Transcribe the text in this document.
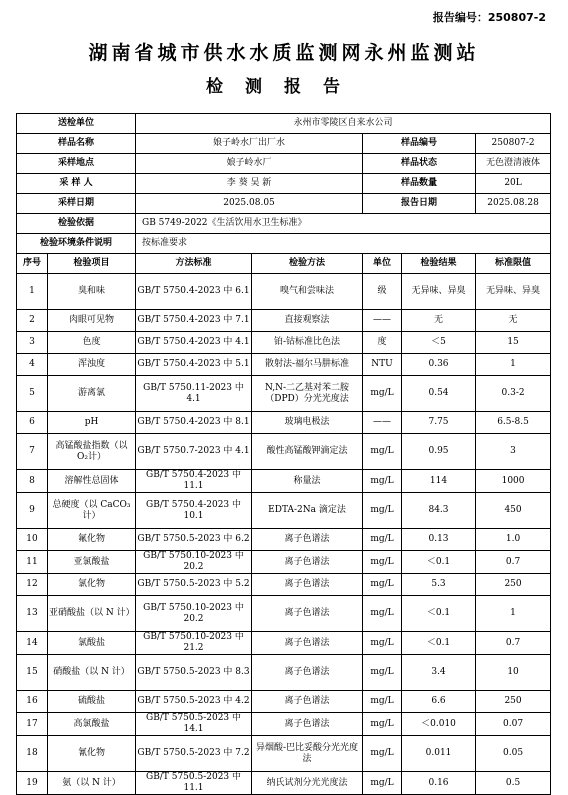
报告编号：250807-2
湖南省城市供水水质监测网永州监测站
检测报告
送检单位		永州市零陵区自来水公司				
样品名称		娘子岭水厂出厂水		样品编号		250807-2
采样地点		娘子岭水厂		样品状态		无色澄清液体
采 样 人		李 葵 吴 新		样品数量		20L
采样日期		2025.08.05		报告日期		2025.08.28
检验依据		GB 5749-2022《生活饮用水卫生标准》				
检验环境条件说明		按标准要求				
序号	检验项目	方法标准	检验方法	单位	检验结果	标准限值
1	臭和味	GB/T 5750.4-2023 中 6.1	嗅气和尝味法	级	无异味、异臭	无异味、异臭
2	肉眼可见物	GB/T 5750.4-2023 中 7.1	直接观察法	——	无	无
3	色度	GB/T 5750.4-2023 中 4.1	铂-钴标准比色法	度	＜5	15
4	浑浊度	GB/T 5750.4-2023 中 5.1	散射法-福尔马肼标准	NTU	0.36	1
5	游离氯	GB/T 5750.11-2023 中 4.1	N,N-二乙基对苯二胺（DPD）分光光度法	mg/L	0.54	0.3-2
6	pH	GB/T 5750.4-2023 中 8.1	玻璃电极法	——	7.75	6.5-8.5
7	高锰酸盐指数（以 O₂计）	GB/T 5750.7-2023 中 4.1	酸性高锰酸钾滴定法	mg/L	0.95	3
8	溶解性总固体	GB/T 5750.4-2023 中 11.1	称量法	mg/L	114	1000
9	总硬度（以 CaCO₃计）	GB/T 5750.4-2023 中 10.1	EDTA-2Na 滴定法	mg/L	84.3	450
10	氟化物	GB/T 5750.5-2023 中 6.2	离子色谱法	mg/L	0.13	1.0
11	亚氯酸盐	GB/T 5750.10-2023 中 20.2	离子色谱法	mg/L	＜0.1	0.7
12	氯化物	GB/T 5750.5-2023 中 5.2	离子色谱法	mg/L	5.3	250
13	亚硝酸盐（以 N 计）	GB/T 5750.10-2023 中 20.2	离子色谱法	mg/L	＜0.1	1
14	氯酸盐	GB/T 5750.10-2023 中 21.2	离子色谱法	mg/L	＜0.1	0.7
15	硝酸盐（以 N 计）	GB/T 5750.5-2023 中 8.3	离子色谱法	mg/L	3.4	10
16	硫酸盐	GB/T 5750.5-2023 中 4.2	离子色谱法	mg/L	6.6	250
17	高氯酸盐	GB/T 5750.5-2023 中 14.1	离子色谱法	mg/L	＜0.010	0.07
18	氰化物	GB/T 5750.5-2023 中 7.2	异烟酸-巴比妥酸分光光度法	mg/L	0.011	0.05
19	氨（以 N 计）	GB/T 5750.5-2023 中 11.1	纳氏试剂分光光度法	mg/L	0.16	0.5
